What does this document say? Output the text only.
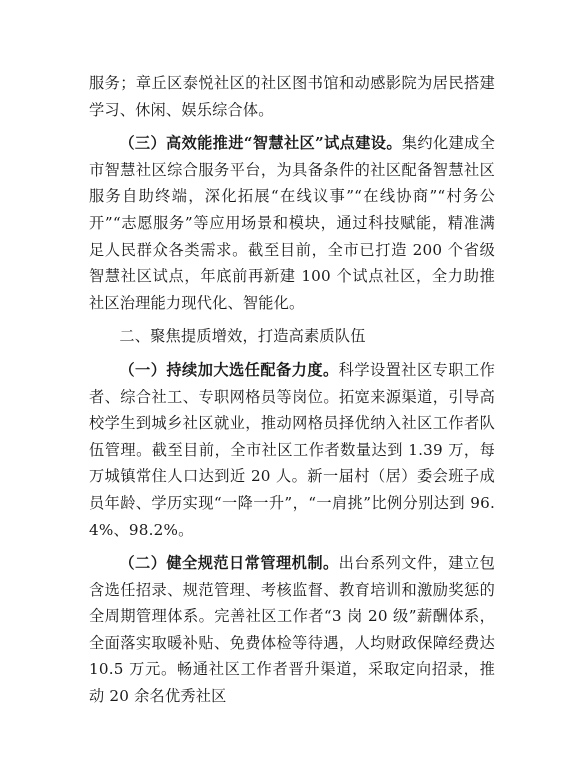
服务；章丘区泰悦社区的社区图书馆和动感影院为居民搭建学习、休闲、娱乐综合体。

（三）高效能推进“智慧社区”试点建设。集约化建成全市智慧社区综合服务平台，为具备条件的社区配备智慧社区服务自助终端，深化拓展“在线议事”“在线协商”“村务公开”“志愿服务”等应用场景和模块，通过科技赋能，精准满足人民群众各类需求。截至目前，全市已打造 200 个省级智慧社区试点，年底前再新建 100 个试点社区，全力助推社区治理能力现代化、智能化。

二、聚焦提质增效，打造高素质队伍

（一）持续加大选任配备力度。科学设置社区专职工作者、综合社工、专职网格员等岗位。拓宽来源渠道，引导高校学生到城乡社区就业，推动网格员择优纳入社区工作者队伍管理。截至目前，全市社区工作者数量达到 1.39 万，每万城镇常住人口达到近 20 人。新一届村（居）委会班子成员年龄、学历实现“一降一升”，“一肩挑”比例分别达到 96.4%、98.2%。

（二）健全规范日常管理机制。出台系列文件，建立包含选任招录、规范管理、考核监督、教育培训和激励奖惩的全周期管理体系。完善社区工作者“3 岗 20 级”薪酬体系，全面落实取暖补贴、免费体检等待遇，人均财政保障经费达 10.5 万元。畅通社区工作者晋升渠道，采取定向招录，推动 20 余名优秀社区
